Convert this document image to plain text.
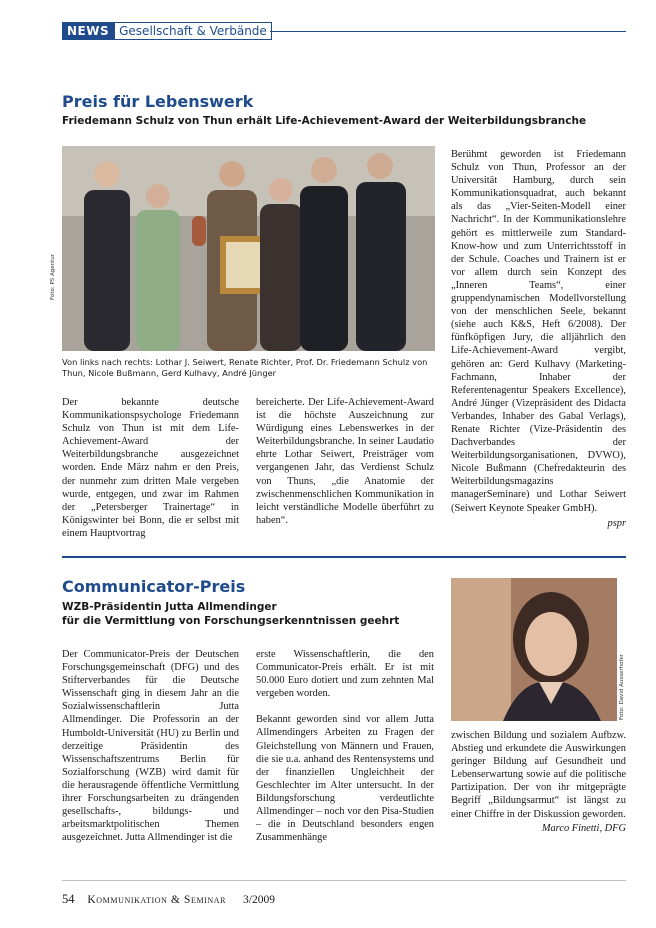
NEWS Gesellschaft & Verbände
Preis für Lebenswerk
Friedemann Schulz von Thun erhält Life-Achievement-Award der Weiterbildungsbranche
Foto: PS Agentur
Von links nach rechts: Lothar J. Seiwert, Renate Richter, Prof. Dr. Friedemann Schulz von Thun, Nicole Bußmann, Gerd Kulhavy, André Jünger

Der bekannte deutsche Kommunikationspsychologe Friedemann Schulz von Thun ist mit dem Life-Achievement-Award der Weiterbildungsbranche ausgezeichnet worden. Ende März nahm er den Preis, der nunmehr zum dritten Male vergeben wurde, entgegen, und zwar im Rahmen der „Petersberger Trainertage“ in Königswinter bei Bonn, die er selbst mit einem Hauptvortrag

bereicherte. Der Life-Achievement-Award ist die höchste Auszeichnung zur Würdigung eines Lebenswerkes in der Weiterbildungsbranche. In seiner Laudatio ehrte Lothar Seiwert, Preisträger vom vergangenen Jahr, das Verdienst Schulz von Thuns, „die Anatomie der zwischenmenschlichen Kommunikation in leicht verständliche Modelle überführt zu haben“.

Berühmt geworden ist Friedemann Schulz von Thun, Professor an der Universität Hamburg, durch sein Kommunikationsquadrat, auch bekannt als das „Vier-Seiten-Modell einer Nachricht“. In der Kommunikationslehre gehört es mittlerweile zum Standard-Know-how und zum Unterrichtsstoff in der Schule. Coaches und Trainern ist er vor allem durch sein Konzept des „Inneren Teams“, einer gruppendynamischen Modellvorstellung von der menschlichen Seele, bekannt (siehe auch K&S, Heft 6/2008). Der fünfköpfigen Jury, die alljährlich den Life-Achievement-Award vergibt, gehören an: Gerd Kulhavy (Marketing-Fachmann, Inhaber der Referentenagentur Speakers Excellence), André Jünger (Vizepräsident des Didacta Verbandes, Inhaber des Gabal Verlags), Renate Richter (Vize-Präsidentin des Dachverbandes der Weiterbildungsorganisationen, DVWO), Nicole Bußmann (Chefredakteurin des Weiterbildungsmagazins managerSeminare) und Lothar Seiwert (Seiwert Keynote Speaker GmbH).

pspr

Communicator-Preis
WZB-Präsidentin Jutta Allmendinger
für die Vermittlung von Forschungserkenntnissen geehrt
Foto: David Ausserhofer

Der Communicator-Preis der Deutschen Forschungsgemeinschaft (DFG) und des Stifterverbandes für die Deutsche Wissenschaft ging in diesem Jahr an die Sozialwissenschaftlerin Jutta Allmendinger. Die Professorin an der Humboldt-Universität (HU) zu Berlin und derzeitige Präsidentin des Wissenschaftszentrums Berlin für Sozialforschung (WZB) wird damit für die herausragende öffentliche Vermittlung ihrer Forschungsarbeiten zu drängenden gesellschafts-, bildungs- und arbeitsmarktpolitischen Themen ausgezeichnet. Jutta Allmendinger ist die

erste Wissenschaftlerin, die den Communicator-Preis erhält. Er ist mit 50.000 Euro dotiert und zum zehnten Mal vergeben worden.

Bekannt geworden sind vor allem Jutta Allmendingers Arbeiten zu Fragen der Gleichstellung von Männern und Frauen, die sie u.a. anhand des Rentensystems und der finanziellen Ungleichheit der Geschlechter im Alter untersucht. In der Bildungsforschung verdeutlichte Allmendinger – noch vor den Pisa-Studien – die in Deutschland besonders engen Zusammenhänge

zwischen Bildung und sozialem Aufbzw. Abstieg und erkundete die Auswirkungen geringer Bildung auf Gesundheit und Lebenserwartung sowie auf die politische Partizipation. Der von ihr mitgeprägte Begriff „Bildungsarmut“ ist längst zu einer Chiffre in der Diskussion geworden.

Marco Finetti, DFG

54 Kommunikation & Seminar 3/2009
